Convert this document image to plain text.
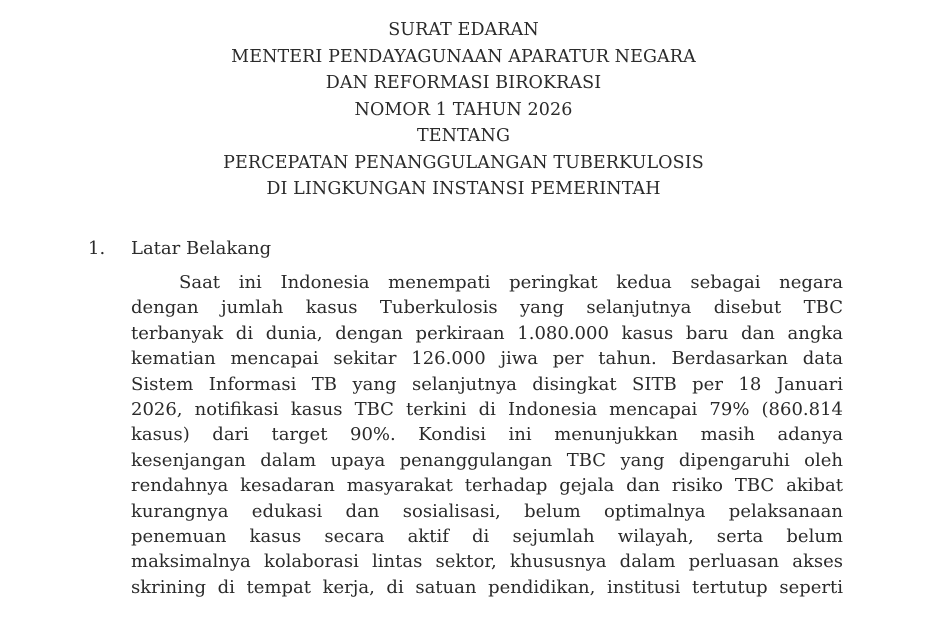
SURAT EDARAN
MENTERI PENDAYAGUNAAN APARATUR NEGARA
DAN REFORMASI BIROKRASI
NOMOR 1 TAHUN 2026
TENTANG
PERCEPATAN PENANGGULANGAN TUBERKULOSIS
DI LINGKUNGAN INSTANSI PEMERINTAH
1. Latar Belakang
Saat ini Indonesia menempati peringkat kedua sebagai negara
dengan jumlah kasus Tuberkulosis yang selanjutnya disebut TBC
terbanyak di dunia, dengan perkiraan 1.080.000 kasus baru dan angka
kematian mencapai sekitar 126.000 jiwa per tahun. Berdasarkan data
Sistem Informasi TB yang selanjutnya disingkat SITB per 18 Januari
2026, notifikasi kasus TBC terkini di Indonesia mencapai 79% (860.814
kasus) dari target 90%. Kondisi ini menunjukkan masih adanya
kesenjangan dalam upaya penanggulangan TBC yang dipengaruhi oleh
rendahnya kesadaran masyarakat terhadap gejala dan risiko TBC akibat
kurangnya edukasi dan sosialisasi, belum optimalnya pelaksanaan
penemuan kasus secara aktif di sejumlah wilayah, serta belum
maksimalnya kolaborasi lintas sektor, khususnya dalam perluasan akses
skrining di tempat kerja, di satuan pendidikan, institusi tertutup seperti
